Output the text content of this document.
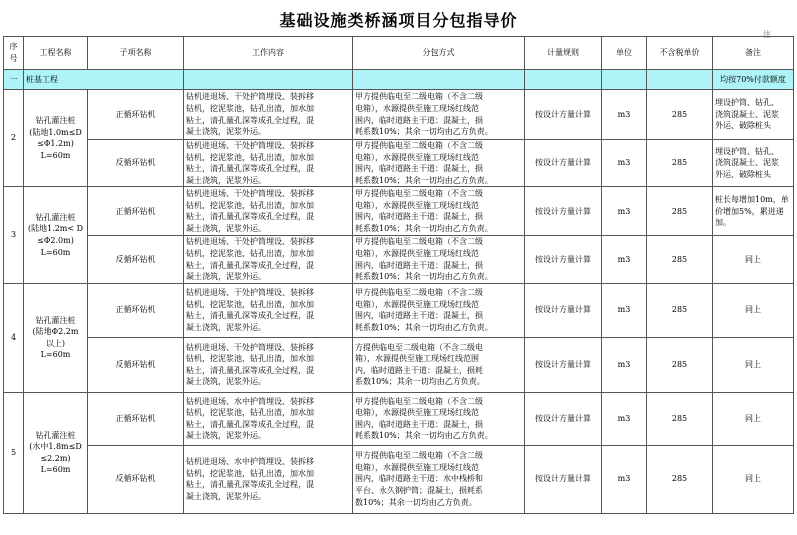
基础设施类桥涵项目分包指导价
注
序
号	工程名称	子项名称	工作内容	分包方式	计量规则	单位	不含税单价	备注
一	桩基工程							均按70%付款额度
2	钻孔灌注桩
(陆地1.0m≤D
≤Φ1.2m)
L=60m	正循环钻机	钻机进退场、干处护筒埋设、装拆移
钻机，挖泥浆池，钻孔出渣，加水加
粘土，清孔量孔深等成孔全过程，混
凝土浇筑，泥浆外运。	甲方提供临电至二级电箱（不含二级
电箱），水源提供至施工现场红线范
围内，临时道路主干道：混凝土，损
耗系数10%；其余一切均由乙方负责。	按设计方量计算	m3	285	埋设护筒、钻孔、
浇筑混凝土、泥浆
外运、破除桩头

		反循环钻机	钻机进退场、干处护筒埋设、装拆移
钻机，挖泥浆池，钻孔出渣，加水加
粘土，清孔量孔深等成孔全过程，混
凝土浇筑，泥浆外运。	甲方提供临电至二级电箱（不含二级
电箱），水源提供至施工现场红线范
围内，临时道路主干道：混凝土，损
耗系数10%；其余一切均由乙方负责。	按设计方量计算	m3	285	埋设护筒、钻孔、
浇筑混凝土、泥浆
外运、破除桩头

3	钻孔灌注桩
(陆地1.2m< D
≤Φ2.0m)
L=60m	正循环钻机	钻机进退场、干处护筒埋设、装拆移
钻机，挖泥浆池，钻孔出渣，加水加
粘土，清孔量孔深等成孔全过程，混
凝土浇筑，泥浆外运。	甲方提供临电至二级电箱（不含二级
电箱），水源提供至施工现场红线范
围内，临时道路主干道：混凝土，损
耗系数10%；其余一切均由乙方负责。	按设计方量计算	m3	285	桩长每增加10m，单
价增加5%，累进递
加。

		反循环钻机	钻机进退场、干处护筒埋设、装拆移
钻机，挖泥浆池，钻孔出渣，加水加
粘土，清孔量孔深等成孔全过程，混
凝土浇筑，泥浆外运。	甲方提供临电至二级电箱（不含二级
电箱），水源提供至施工现场红线范
围内，临时道路主干道：混凝土，损
耗系数10%；其余一切均由乙方负责。	按设计方量计算	m3	285	同上

4	钻孔灌注桩
(陆地Φ2.2m
以上)
L=60m	正循环钻机	钻机进退场、干处护筒埋设、装拆移
钻机，挖泥浆池，钻孔出渣，加水加
粘土，清孔量孔深等成孔全过程，混
凝土浇筑，泥浆外运。	甲方提供临电至二级电箱（不含二级
电箱），水源提供至施工现场红线范
围内，临时道路主干道：混凝土，损
耗系数10%；其余一切均由乙方负责。	按设计方量计算	m3	285	同上

		反循环钻机	钻机进退场、干处护筒埋设、装拆移
钻机，挖泥浆池，钻孔出渣，加水加
粘土，清孔量孔深等成孔全过程，混
凝土浇筑，泥浆外运。	方提供临电至二级电箱（不含二级电
箱），水源提供至施工现场红线范围
内，临时道路主干道：混凝土，损耗
系数10%；其余一切均由乙方负责。	按设计方量计算	m3	285	同上

5	钻孔灌注桩
(水中1.8m≤D
≤2.2m)
L=60m	正循环钻机	钻机进退场、水中护筒埋设、装拆移
钻机，挖泥浆池，钻孔出渣，加水加
粘土，清孔量孔深等成孔全过程，混
凝土浇筑，泥浆外运。	甲方提供临电至二级电箱（不含二级
电箱），水源提供至施工现场红线范
围内，临时道路主干道：混凝土，损
耗系数10%；其余一切均由乙方负责。	按设计方量计算	m3	285	同上

		反循环钻机	钻机进退场、水中护筒埋设、装拆移
钻机，挖泥浆池，钻孔出渣，加水加
粘土，清孔量孔深等成孔全过程，混
凝土浇筑，泥浆外运。	甲方提供临电至二级电箱（不含二级
电箱），水源提供至施工现场红线范
围内，临时道路主干道：水中栈桥和
平台、永久钢护筒；混凝土，损耗系
数10%；其余一切均由乙方负责。	按设计方量计算	m3	285	同上
